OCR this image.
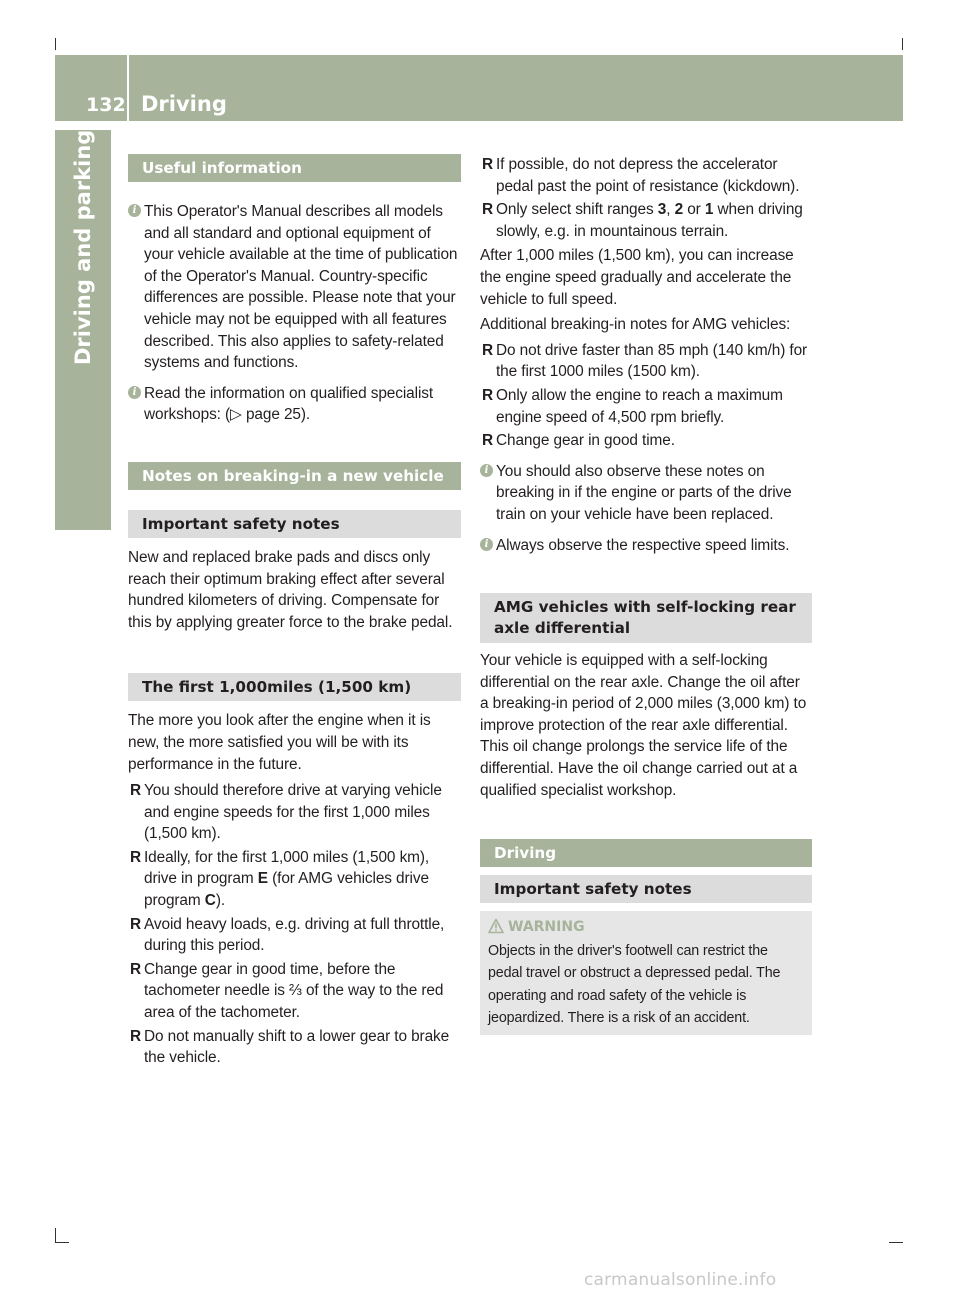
132 Driving
Driving and parking	Useful information
i This Operator's Manual describes all models and all standard and optional equipment of your vehicle available at the time of publication of the Operator's Manual. Country-specific differences are possible. Please note that your vehicle may not be equipped with all features described. This also applies to safety-related systems and functions.
i Read the information on qualified specialist workshops: (▷ page 25).
Notes on breaking-in a new vehicle
Important safety notes

New and replaced brake pads and discs only reach their optimum braking effect after several hundred kilometers of driving. Compensate for this by applying greater force to the brake pedal.

The first 1,000miles (1,500 km)

The more you look after the engine when it is new, the more satisfied you will be with its performance in the future.

R You should therefore drive at varying vehicle and engine speeds for the first 1,000 miles (1,500 km).
R Ideally, for the first 1,000 miles (1,500 km), drive in program E (for AMG vehicles drive program C).
R Avoid heavy loads, e.g. driving at full throttle, during this period.
R Change gear in good time, before the tachometer needle is ⅔ of the way to the red area of the tachometer.
R Do not manually shift to a lower gear to brake the vehicle.
R If possible, do not depress the accelerator pedal past the point of resistance (kickdown).
R Only select shift ranges 3, 2 or 1 when driving slowly, e.g. in mountainous terrain.

After 1,000 miles (1,500 km), you can increase the engine speed gradually and accelerate the vehicle to full speed.

Additional breaking-in notes for AMG vehicles:

R Do not drive faster than 85 mph (140 km/h) for the first 1000 miles (1500 km).
R Only allow the engine to reach a maximum engine speed of 4,500 rpm briefly.
R Change gear in good time.
i You should also observe these notes on breaking in if the engine or parts of the drive train on your vehicle have been replaced.
i Always observe the respective speed limits.
AMG vehicles with self-locking rear axle differential

Your vehicle is equipped with a self-locking differential on the rear axle. Change the oil after a breaking-in period of 2,000 miles (3,000 km) to improve protection of the rear axle differential. This oil change prolongs the service life of the differential. Have the oil change carried out at a qualified specialist workshop.

Driving
Important safety notes
WARNING
Objects in the driver's footwell can restrict the pedal travel or obstruct a depressed pedal. The operating and road safety of the vehicle is jeopardized. There is a risk of an accident.
carmanualsonline.info
